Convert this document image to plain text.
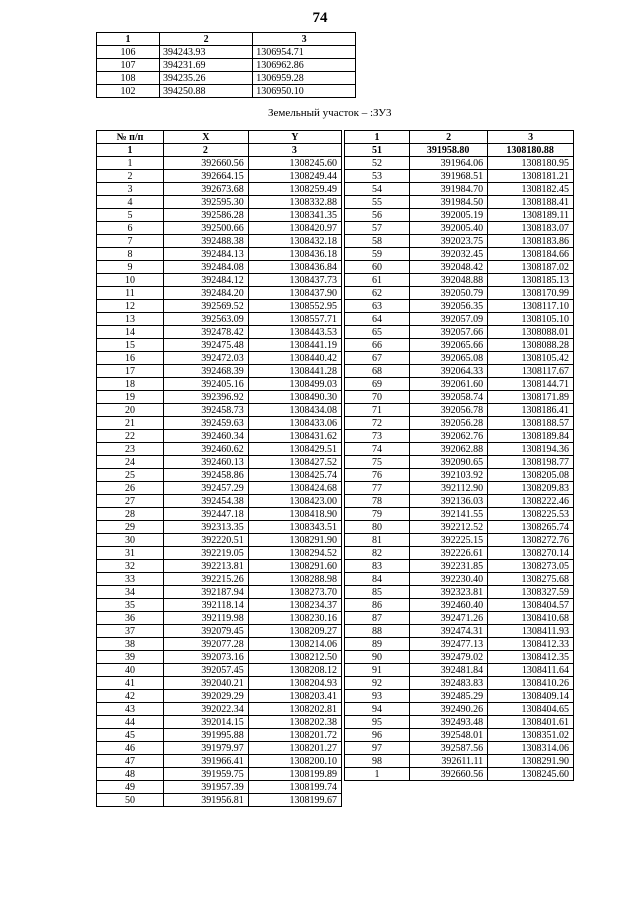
74
1	2	3
106	394243.93	1306954.71
107	394231.69	1306962.86
108	394235.26	1306959.28
102	394250.88	1306950.10
Земельный участок – :ЗУ3
№ п/п	X	Y
1	2	3
1	392660.56	1308245.60
2	392664.15	1308249.44
3	392673.68	1308259.49
4	392595.30	1308332.88
5	392586.28	1308341.35
6	392500.66	1308420.97
7	392488.38	1308432.18
8	392484.13	1308436.18
9	392484.08	1308436.84
10	392484.12	1308437.73
11	392484.20	1308437.90
12	392569.52	1308552.95
13	392563.09	1308557.71
14	392478.42	1308443.53
15	392475.48	1308441.19
16	392472.03	1308440.42
17	392468.39	1308441.28
18	392405.16	1308499.03
19	392396.92	1308490.30
20	392458.73	1308434.08
21	392459.63	1308433.06
22	392460.34	1308431.62
23	392460.62	1308429.51
24	392460.13	1308427.52
25	392458.86	1308425.74
26	392457.29	1308424.68
27	392454.38	1308423.00
28	392447.18	1308418.90
29	392313.35	1308343.51
30	392220.51	1308291.90
31	392219.05	1308294.52
32	392213.81	1308291.60
33	392215.26	1308288.98
34	392187.94	1308273.70
35	392118.14	1308234.37
36	392119.98	1308230.16
37	392079.45	1308209.27
38	392077.28	1308214.06
39	392073.16	1308212.50
40	392057.45	1308208.12
41	392040.21	1308204.93
42	392029.29	1308203.41
43	392022.34	1308202.81
44	392014.15	1308202.38
45	391995.88	1308201.72
46	391979.97	1308201.27
47	391966.41	1308200.10
48	391959.75	1308199.89
49	391957.39	1308199.74
50	391956.81	1308199.67
1	2	3
51	391958.80	1308180.88
52	391964.06	1308180.95
53	391968.51	1308181.21
54	391984.70	1308182.45
55	391984.50	1308188.41
56	392005.19	1308189.11
57	392005.40	1308183.07
58	392023.75	1308183.86
59	392032.45	1308184.66
60	392048.42	1308187.02
61	392048.88	1308185.13
62	392050.79	1308170.99
63	392056.35	1308117.10
64	392057.09	1308105.10
65	392057.66	1308088.01
66	392065.66	1308088.28
67	392065.08	1308105.42
68	392064.33	1308117.67
69	392061.60	1308144.71
70	392058.74	1308171.89
71	392056.78	1308186.41
72	392056.28	1308188.57
73	392062.76	1308189.84
74	392062.88	1308194.36
75	392090.65	1308198.77
76	392103.92	1308205.08
77	392112.90	1308209.83
78	392136.03	1308222.46
79	392141.55	1308225.53
80	392212.52	1308265.74
81	392225.15	1308272.76
82	392226.61	1308270.14
83	392231.85	1308273.05
84	392230.40	1308275.68
85	392323.81	1308327.59
86	392460.40	1308404.57
87	392471.26	1308410.68
88	392474.31	1308411.93
89	392477.13	1308412.33
90	392479.02	1308412.35
91	392481.84	1308411.64
92	392483.83	1308410.26
93	392485.29	1308409.14
94	392490.26	1308404.65
95	392493.48	1308401.61
96	392548.01	1308351.02
97	392587.56	1308314.06
98	392611.11	1308291.90
1	392660.56	1308245.60
